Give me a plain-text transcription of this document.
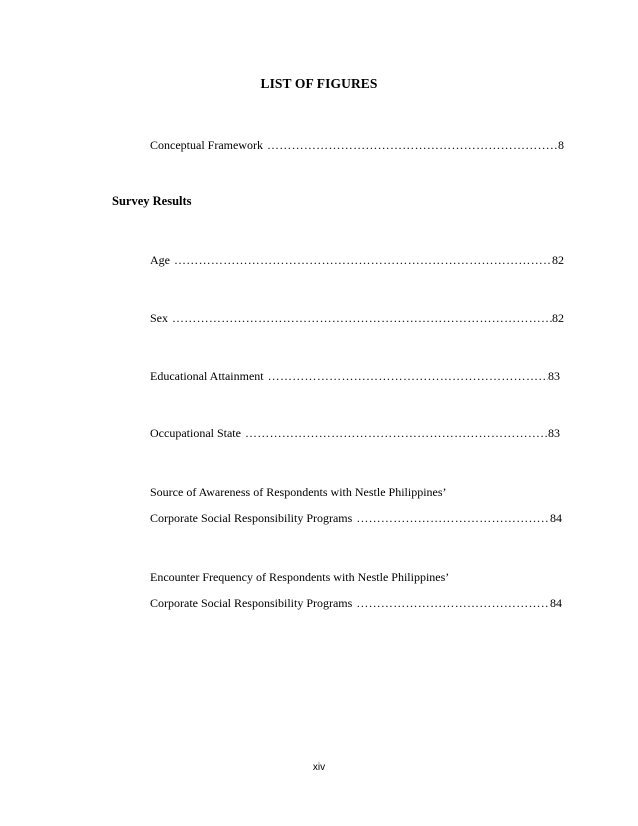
LIST OF FIGURES
Conceptual Framework ………………………………………………………………………………………………………………………………………………………………	8
Survey Results
Age ………………………………………………………………………………………………………………………………………………………………	82
Sex ………………………………………………………………………………………………………………………………………………………………	82
Educational Attainment ………………………………………………………………………………………………………………………………………………………………	83
Occupational State ………………………………………………………………………………………………………………………………………………………………	83
Source of Awareness of Respondents with Nestle Philippines’
Corporate Social Responsibility Programs ………………………………………………………………………………………………………………………………………………………………	84
Encounter Frequency of Respondents with Nestle Philippines’
Corporate Social Responsibility Programs ………………………………………………………………………………………………………………………………………………………………	84
xiv
